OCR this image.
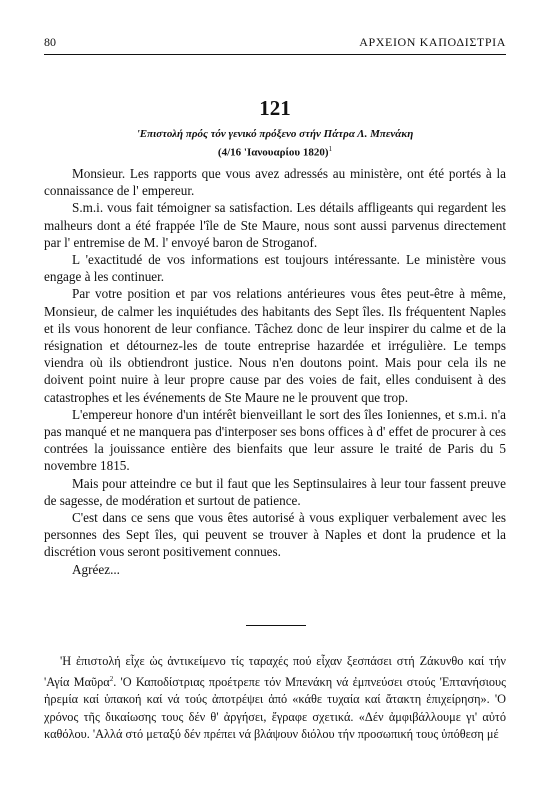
80	ΑΡΧΕΙΟΝ ΚΑΠΟΔΙΣΤΡΙΑ
121
'Επιστολή πρός τόν γενικό πρόξενο στήν Πάτρα Λ. Μπενάκη
(4/16 'Ιανουαρίου 1820)$^1$

Monsieur. Les rapports que vous avez adressés au ministère, ont été portés à la connaissance de l' empereur.

S.m.i. vous fait témoigner sa satisfaction. Les détails affligeants qui regardent les malheurs dont a été frappée l'île de Ste Maure, nous sont aussi parvenus directement par l' entremise de M. l' envoyé baron de Stroganof.

L 'exactitudé de vos informations est toujours intéressante. Le ministère vous engage à les continuer.

Par votre position et par vos relations antérieures vous êtes peut-être à même, Monsieur, de calmer les inquiétudes des habitants des Sept îles. Ils fréquentent Naples et ils vous honorent de leur confiance. Tâchez donc de leur inspirer du calme et de la résignation et détournez-les de toute entreprise hazardée et irrégulière. Le temps viendra où ils obtiendront justice. Nous n'en doutons point. Mais pour cela ils ne doivent point nuire à leur propre cause par des voies de fait, elles conduisent à des catastrophes et les événements de Ste Maure ne le prouvent que trop.

L'empereur honore d'un intérêt bienveillant le sort des îles Ioniennes, et s.m.i. n'a pas manqué et ne manquera pas d'interposer ses bons offices à d' effet de procurer à ces contrées la jouissance entière des bienfaits que leur assure le traité de Paris du 5 novembre 1815.

Mais pour atteindre ce but il faut que les Septinsulaires à leur tour fassent preuve de sagesse, de modération et surtout de patience.

C'est dans ce sens que vous êtes autorisé à vous expliquer verbalement avec les personnes des Sept îles, qui peuvent se trouver à Naples et dont la prudence et la discrétion vous seront positivement connues.

Agréez...

'Η ἐπιστολή εἶχε ὡς ἀντικείμενο τίς ταραχές πού εἶχαν ξεσπάσει στή Ζάκυνθο καί τήν 'Αγία Μαῦρα$^2$. 'Ο Καποδίστριας προέτρεπε τόν Μπενάκη νά ἐμπνεύσει στούς 'Επτανήσιους ἠρεμία καί ὑπακοή καί νά τούς ἀποτρέψει ἀπό «κάθε τυχαία καί ἄτακτη ἐπιχείρηση». 'Ο χρόνος τῆς δικαίωσης τους δέν θ' ἀργήσει, ἔγραφε σχετικά. «Δέν ἀμφιβάλλουμε γι' αὐτό καθόλου. 'Αλλά στό μεταξύ δέν πρέπει νά βλάψουν διόλου τήν προσωπική τους ὑπόθεση μέ
